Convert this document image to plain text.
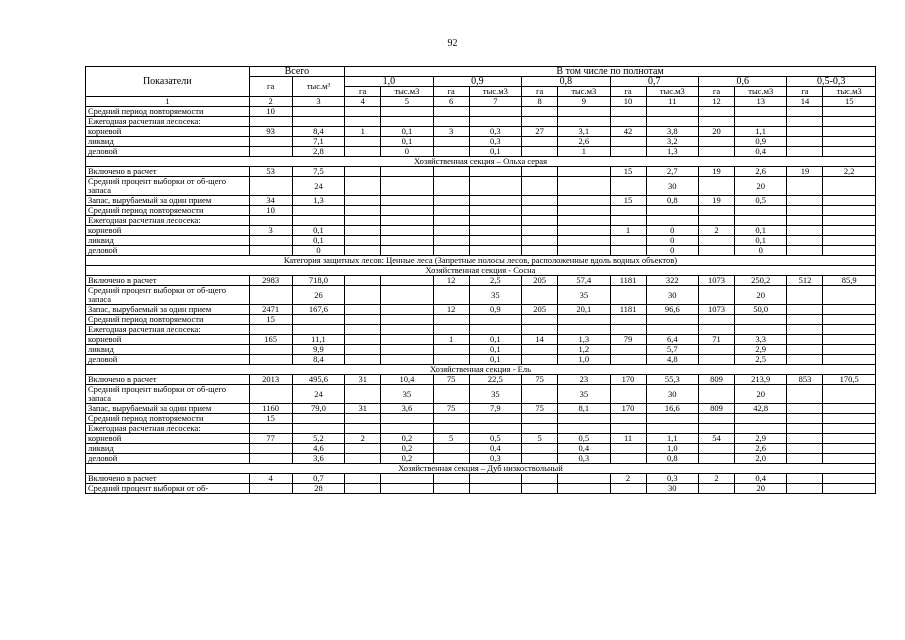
92
Показатели	Всего		В том числе по полнотам											
	га	тыс.м³	1,0		0,9		0,8		0,7		0,6		0,5-0,3	
			га	тыс.м3	га	тыс.м3	га	тыс.м3	га	тыс.м3	га	тыс.м3	га	тыс.м3
1	2	3	4	5	6	7	8	9	10	11	12	13	14	15
Средний период повторяемости	10													
Ежегодная расчетная лесосека:														
корневой	93	8,4	1	0,1	3	0,3	27	3,1	42	3,8	20	1,1		
ликвид		7,1		0,1		0,3		2,6		3,2		0,9		
деловой		2,8		0		0,1		1		1,3		0,4		
Хозяйственная секция – Ольха серая														
Включено в расчет	53	7,5							15	2,7	19	2,6	19	2,2
Средний процент выборки от об-щего запаса		24								30		20		
Запас, вырубаемый за один прием	34	1,3							15	0,8	19	0,5		
Средний период повторяемости	10													
Ежегодная расчетная лесосека:														
корневой	3	0,1							1	0	2	0,1		
ликвид		0,1								0		0,1		
деловой		0								0		0		
Категория защитных лесов: Ценные леса (Запретные полосы лесов, расположенные вдоль водных объектов)														
Хозяйственная секция - Сосна														
Включено в расчет	2983	718,0			12	2,5	205	57,4	1181	322	1073	250,2	512	85,9
Средний процент выборки от об-щего запаса		26				35		35		30		20		
Запас, вырубаемый за один прием	2471	167,6			12	0,9	205	20,1	1181	96,6	1073	50,0		
Средний период повторяемости	15													
Ежегодная расчетная лесосека:														
корневой	165	11,1			1	0,1	14	1,3	79	6,4	71	3,3		
ликвид		9,9				0,1		1,2		5,7		2,9		
деловой		8,4				0,1		1,0		4,8		2,5		
Хозяйственная секция - Ель														
Включено в расчет	2013	495,6	31	10,4	75	22,5	75	23	170	55,3	809	213,9	853	170,5
Средний процент выборки от об-щего запаса		24		35		35		35		30		20		
Запас, вырубаемый за один прием	1160	79,0	31	3,6	75	7,9	75	8,1	170	16,6	809	42,8		
Средний период повторяемости	15													
Ежегодная расчетная лесосека:														
корневой	77	5,2	2	0,2	5	0,5	5	0,5	11	1,1	54	2,9		
ликвид		4,6		0,2		0,4		0,4		1,0		2,6		
деловой		3,6		0,2		0,3		0,3		0,8		2,0		
Хозяйственная секция – Дуб низкоствольный														
Включено в расчет	4	0,7							2	0,3	2	0,4		
Средний процент выборки от об-		28								30		20		
